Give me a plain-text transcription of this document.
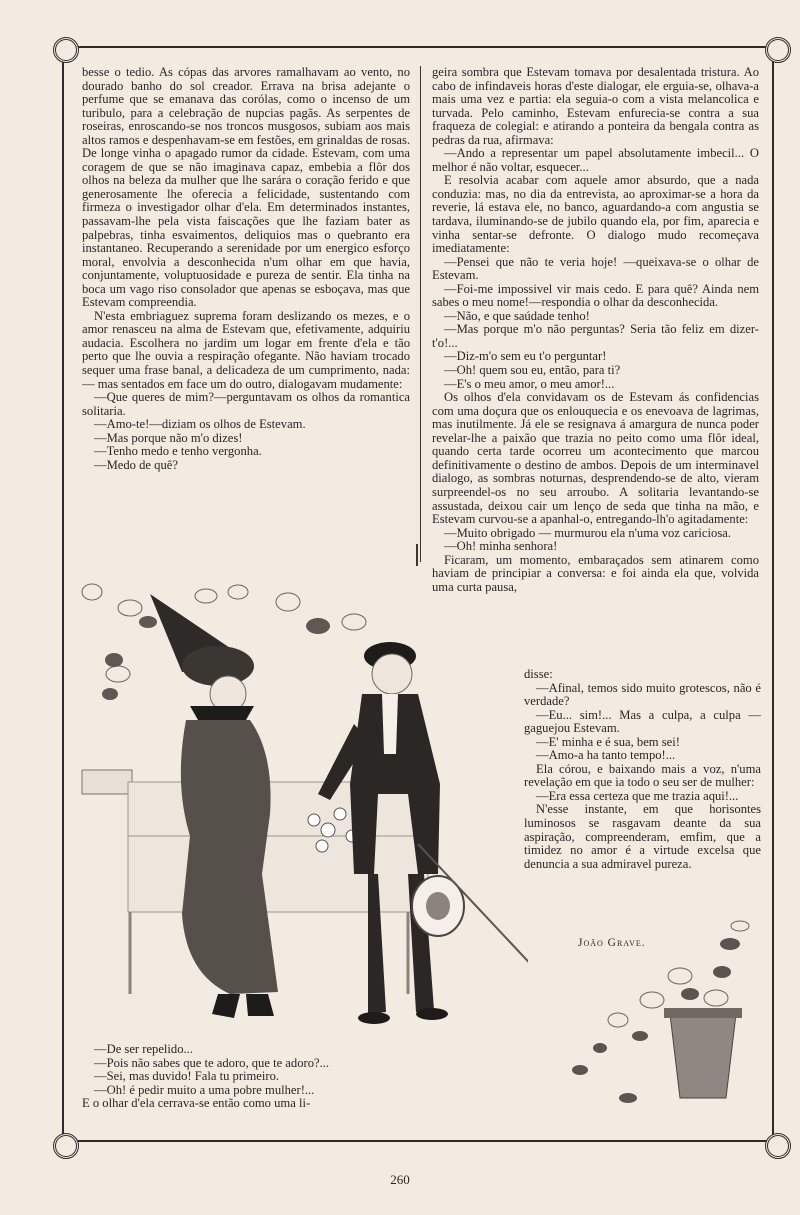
besse o tedio. As cópas das arvores ramalhavam ao vento, no dourado banho do sol creador. Errava na brisa adejante o perfume que se emanava das corólas, como o incenso de um turibulo, para a celebração de nupcias pagãs. As serpentes de roseiras, enroscando-se nos troncos musgosos, subiam aos mais altos ramos e despenhavam-se em festões, em grinaldas de rosas. De longe vinha o apagado rumor da cidade. Estevam, com uma coragem de que se não imaginava capaz, embebia a flôr dos olhos na beleza da mulher que lhe sarára o coração ferido e que generosamente lhe oferecia a felicidade, sustentando com firmeza o investigador olhar d'ela. Em determinados instantes, passavam-lhe pela vista faiscações que lhe faziam bater as palpebras, tinha esvaimentos, deliquios mas o quebranto era instantaneo. Recuperando a serenidade por um energico esforço moral, envolvia a desconhecida n'um olhar em que havia, conjuntamente, voluptuosidade e pureza de sentir. Ela tinha na boca um vago riso consolador que apenas se esboçava, mas que Estevam compreendia.

N'esta embriaguez suprema foram deslizando os mezes, e o amor renasceu na alma de Estevam que, efetivamente, adquiriu audacia. Escolhera no jardim um logar em frente d'ela e tão perto que lhe ouvia a respiração ofegante. Não haviam trocado sequer uma frase banal, a delicadeza de um cumprimento, nada: — mas sentados em face um do outro, dialogavam mudamente:

—Que queres de mim?—perguntavam os olhos da romantica solitaria.

—Amo-te!—diziam os olhos de Estevam.

—Mas porque não m'o dizes!

—Tenho medo e tenho vergonha.

—Medo de quê?

geira sombra que Estevam tomava por desalentada tristura. Ao cabo de infindaveis horas d'este dialogar, ele erguia-se, olhava-a mais uma vez e partia: ela seguia-o com a vista melancolica e turvada. Pelo caminho, Estevam enfurecia-se contra a sua fraqueza de colegial: e atirando a ponteira da bengala contra as pedras da rua, afirmava:

—Ando a representar um papel absolutamente imbecil... O melhor é não voltar, esquecer...

E resolvia acabar com aquele amor absurdo, que a nada conduzia: mas, no dia da entrevista, ao aproximar-se a hora da reverie, lá estava ele, no banco, aguardando-a com angustia se tardava, iluminando-se de jubilo quando ela, por fim, aparecia e vinha sentar-se defronte. O dialogo mudo recomeçava imediatamente:

—Pensei que não te veria hoje! —queixava-se o olhar de Estevam.

—Foi-me impossivel vir mais cedo. E para quê? Ainda nem sabes o meu nome!—respondia o olhar da desconhecida.

—Não, e que saúdade tenho!

—Mas porque m'o não perguntas? Seria tão feliz em dizer-t'o!...

—Diz-m'o sem eu t'o perguntar!

—Oh! quem sou eu, então, para ti?

—E's o meu amor, o meu amor!...

Os olhos d'ela convidavam os de Estevam ás confidencias com uma doçura que os enlouquecia e os enevoava de lagrimas, mas inutilmente. Já ele se resignava á amargura de nunca poder revelar-lhe a paixão que trazia no peito como uma flôr ideal, quando certa tarde ocorreu um acontecimento que marcou definitivamente o destino de ambos. Depois de um interminavel dialogo, as sombras noturnas, desprendendo-se de alto, vieram surpreendel-os no seu arroubo. A solitaria levantando-se assustada, deixou cair um lenço de seda que tinha na mão, e Estevam curvou-se a apanhal-o, entregando-lh'o agitadamente:

—Muito obrigado — murmurou ela n'uma voz cariciosa.

—Oh! minha senhora!

Ficaram, um momento, embaraçados sem atinarem como haviam de principiar a conversa: e foi ainda ela que, volvida uma curta pausa,

disse:

—Afinal, temos sido muito grotescos, não é verdade?

—Eu... sim!... Mas a culpa, a culpa — gaguejou Estevam.

—E' minha e é sua, bem sei!

—Amo-a ha tanto tempo!...

Ela córou, e baixando mais a voz, n'uma revelação em que ia todo o seu ser de mulher:

—Era essa certeza que me trazia aqui!...

N'esse instante, em que horisontes luminosos se rasgavam deante da sua aspiração, compreenderam, emfim, que a timidez no amor é a virtude excelsa que denuncia a sua admiravel pureza.

João Grave.

—De ser repelido...

—Pois não sabes que te adoro, que te adoro?...

—Sei, mas duvido! Fala tu primeiro.

—Oh! é pedir muito a uma pobre mulher!...

E o olhar d'ela cerrava-se então como uma li-

260
